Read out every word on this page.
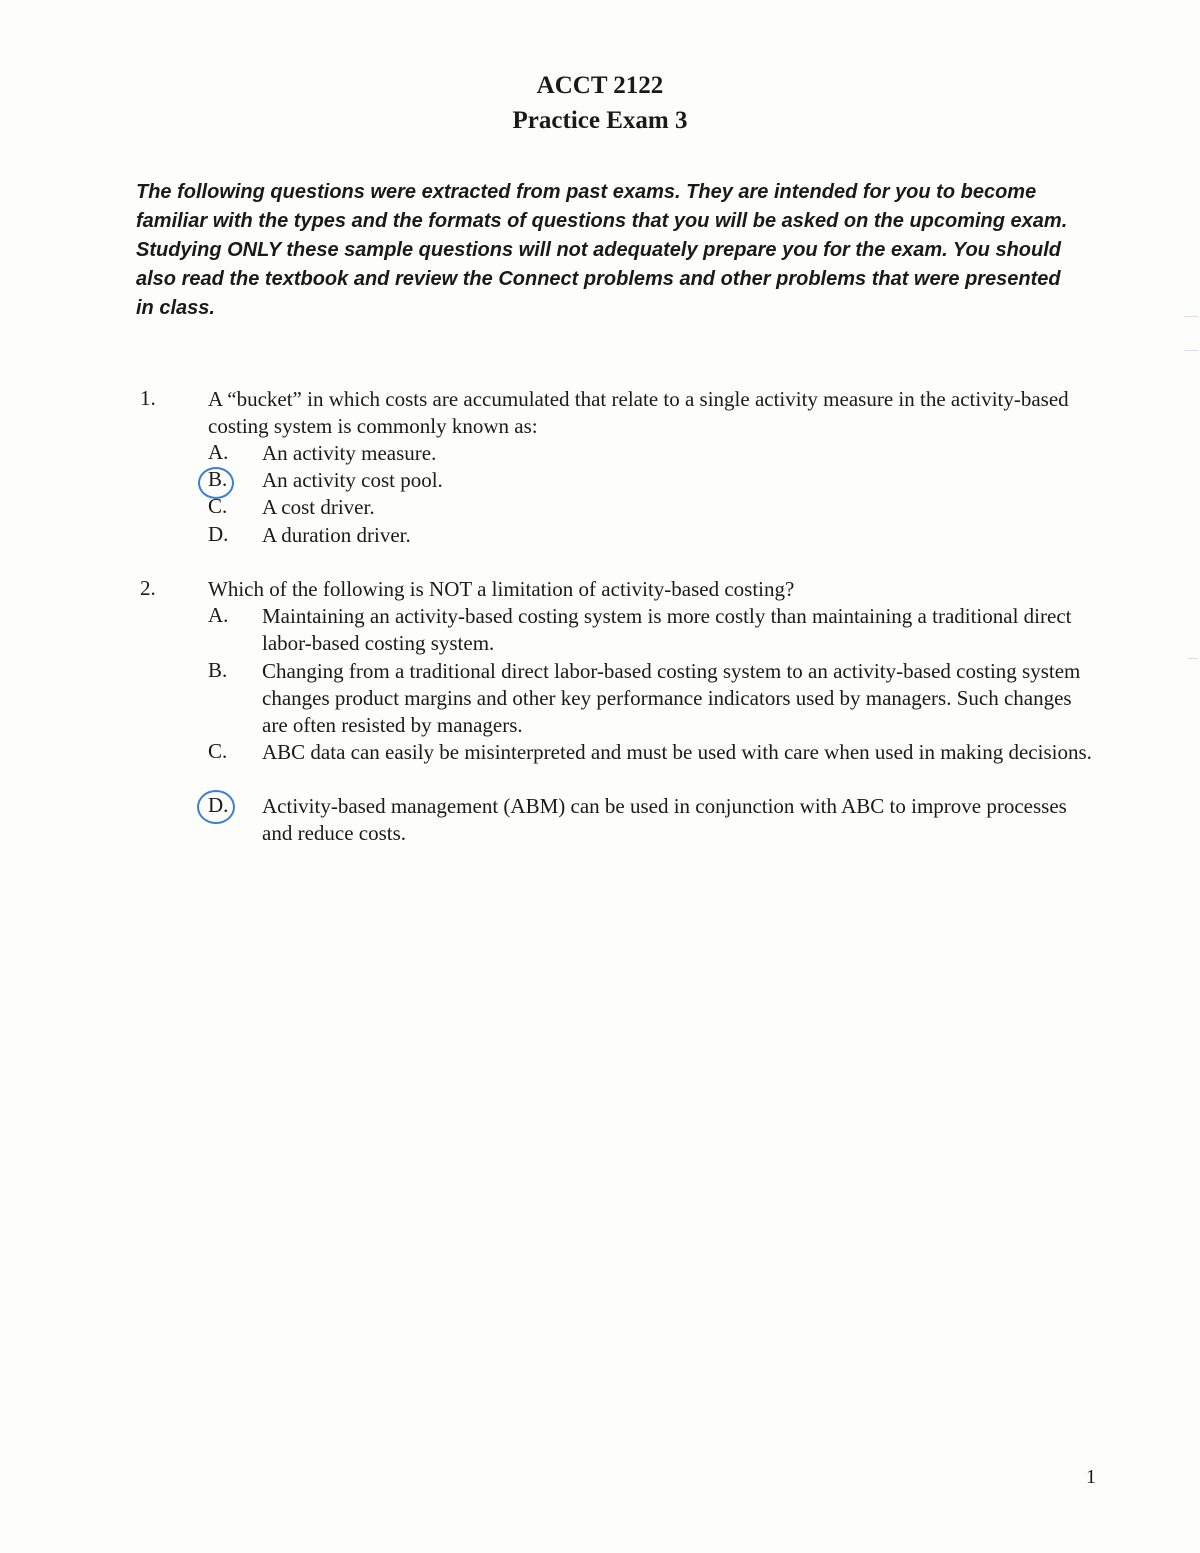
ACCT 2122
Practice Exam 3
The following questions were extracted from past exams. They are intended for you to become familiar with the types and the formats of questions that you will be asked on the upcoming exam. Studying ONLY these sample questions will not adequately prepare you for the exam. You should also read the textbook and review the Connect problems and other problems that were presented in class.
1. A “bucket” in which costs are accumulated that relate to a single activity measure in the activity-based costing system is commonly known as:
A.	An activity measure.
B.	An activity cost pool.
C.	A cost driver.
D.	A duration driver.
2. Which of the following is NOT a limitation of activity-based costing?
A.	Maintaining an activity-based costing system is more costly than maintaining a traditional direct labor-based costing system.
B.	Changing from a traditional direct labor-based costing system to an activity-based costing system changes product margins and other key performance indicators used by managers. Such changes are often resisted by managers.
C.	ABC data can easily be misinterpreted and must be used with care when used in making decisions.
D.	Activity-based management (ABM) can be used in conjunction with ABC to improve processes and reduce costs.
1
